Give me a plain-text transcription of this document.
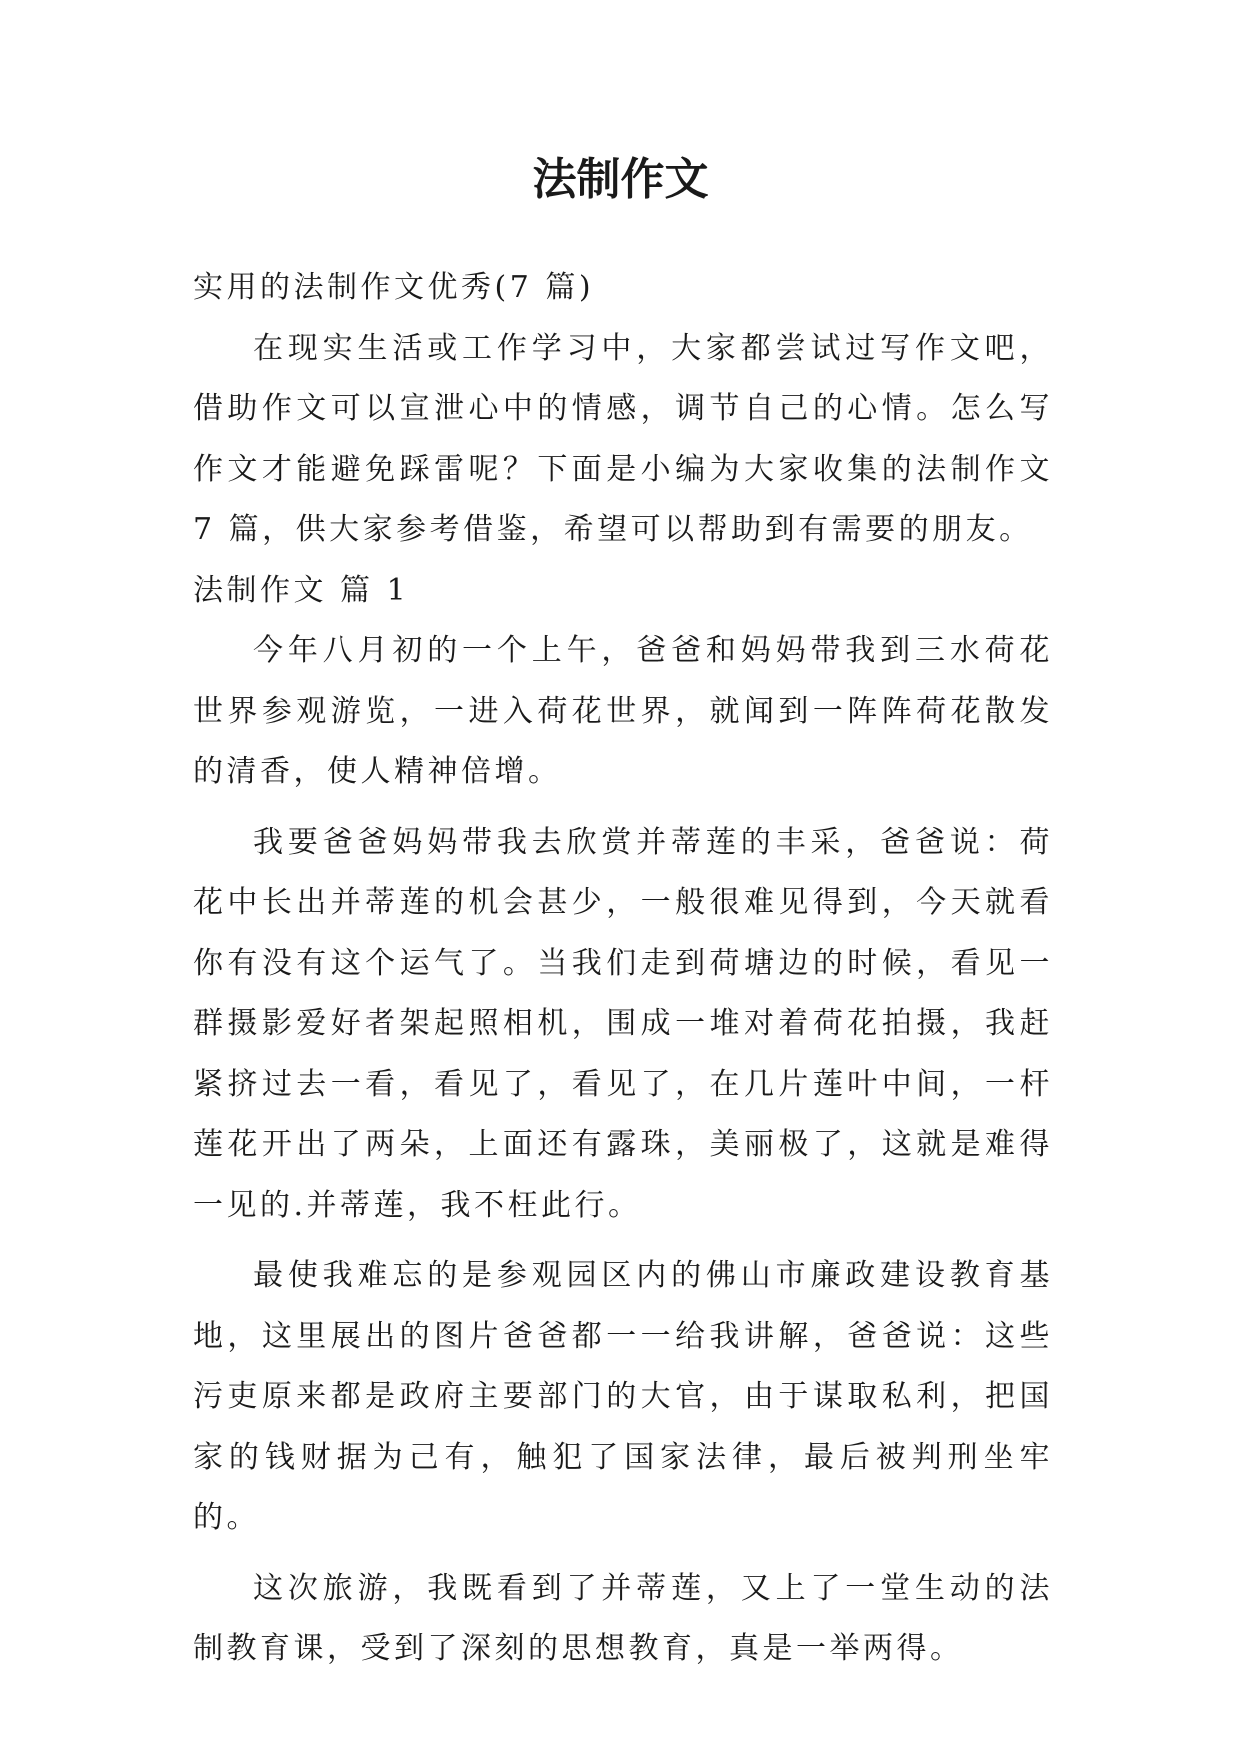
法制作文

实用的法制作文优秀(7 篇)

在现实生活或工作学习中，大家都尝试过写作文吧，借助作文可以宣泄心中的情感，调节自己的心情。怎么写作文才能避免踩雷呢？下面是小编为大家收集的法制作文 7 篇，供大家参考借鉴，希望可以帮助到有需要的朋友。

法制作文 篇 1

今年八月初的一个上午，爸爸和妈妈带我到三水荷花世界参观游览，一进入荷花世界，就闻到一阵阵荷花散发的清香，使人精神倍增。

我要爸爸妈妈带我去欣赏并蒂莲的丰采，爸爸说：荷花中长出并蒂莲的机会甚少，一般很难见得到，今天就看你有没有这个运气了。当我们走到荷塘边的时候，看见一群摄影爱好者架起照相机，围成一堆对着荷花拍摄，我赶紧挤过去一看，看见了，看见了，在几片莲叶中间，一杆莲花开出了两朵，上面还有露珠，美丽极了，这就是难得一见的.并蒂莲，我不枉此行。

最使我难忘的是参观园区内的佛山市廉政建设教育基地，这里展出的图片爸爸都一一给我讲解，爸爸说：这些污吏原来都是政府主要部门的大官，由于谋取私利，把国家的钱财据为己有，触犯了国家法律，最后被判刑坐牢的。

这次旅游，我既看到了并蒂莲，又上了一堂生动的法制教育课，受到了深刻的思想教育，真是一举两得。
